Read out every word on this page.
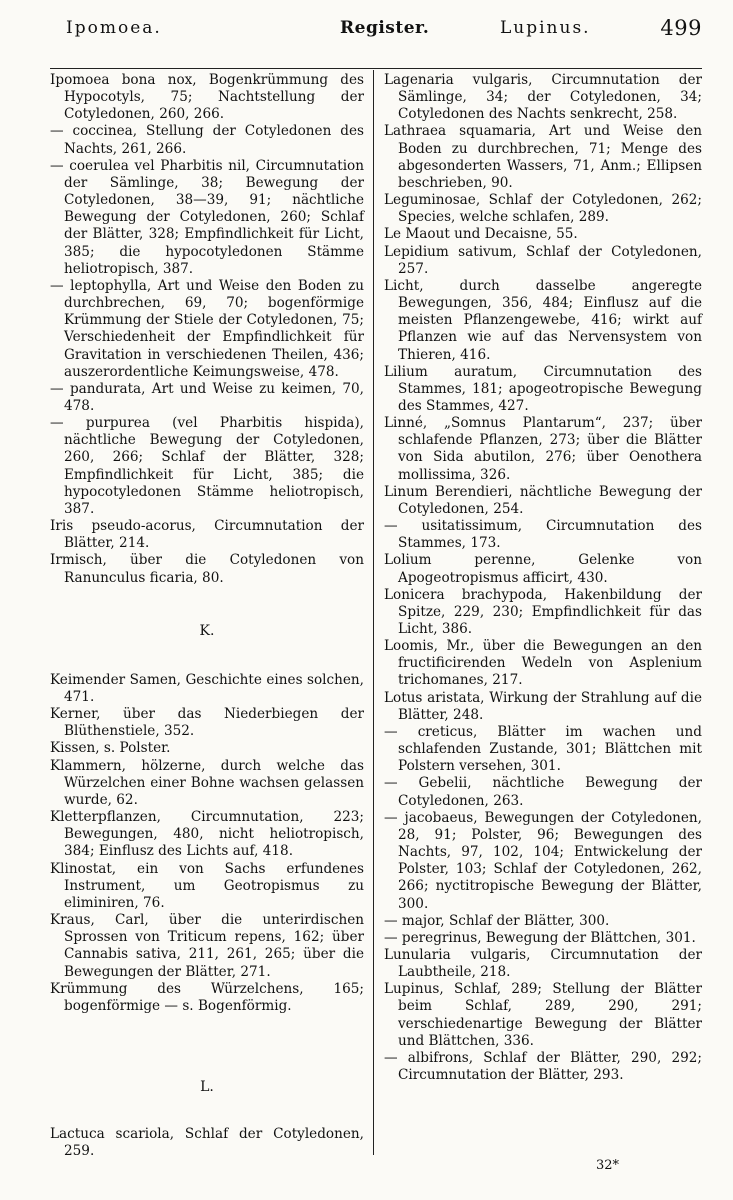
Ipomoea.	Register.	Lupinus.	499
Ipomoea bona nox, Bogenkrümmung des Hypocotyls, 75; Nachtstellung der Cotyledonen, 260, 266.
— coccinea, Stellung der Cotyledonen des Nachts, 261, 266.
— coerulea vel Pharbitis nil, Circumnutation der Sämlinge, 38; Bewegung der Cotyledonen, 38—39, 91; nächtliche Bewegung der Cotyledonen, 260; Schlaf der Blätter, 328; Empfindlichkeit für Licht, 385; die hypocotyledonen Stämme heliotropisch, 387.
— leptophylla, Art und Weise den Boden zu durchbrechen, 69, 70; bogenförmige Krümmung der Stiele der Cotyledonen, 75; Verschiedenheit der Empfindlichkeit für Gravitation in verschiedenen Theilen, 436; auszerordentliche Keimungsweise, 478.
— pandurata, Art und Weise zu keimen, 70, 478.
— purpurea (vel Pharbitis hispida), nächtliche Bewegung der Cotyledonen, 260, 266; Schlaf der Blätter, 328; Empfindlichkeit für Licht, 385; die hypocotyledonen Stämme heliotropisch, 387.
Iris pseudo-acorus, Circumnutation der Blätter, 214.
Irmisch, über die Cotyledonen von Ranunculus ficaria, 80.
K.
Keimender Samen, Geschichte eines solchen, 471.
Kerner, über das Niederbiegen der Blüthenstiele, 352.
Kissen, s. Polster.
Klammern, hölzerne, durch welche das Würzelchen einer Bohne wachsen gelassen wurde, 62.
Kletterpflanzen, Circumnutation, 223; Bewegungen, 480, nicht heliotropisch, 384; Einflusz des Lichts auf, 418.
Klinostat, ein von Sachs erfundenes Instrument, um Geotropismus zu eliminiren, 76.
Kraus, Carl, über die unterirdischen Sprossen von Triticum repens, 162; über Cannabis sativa, 211, 261, 265; über die Bewegungen der Blätter, 271.
Krümmung des Würzelchens, 165; bogenförmige — s. Bogenförmig.
L.
Lactuca scariola, Schlaf der Cotyledonen, 259.
Lagenaria vulgaris, Circumnutation der Sämlinge, 34; der Cotyledonen, 34; Cotyledonen des Nachts senkrecht, 258.
Lathraea squamaria, Art und Weise den Boden zu durchbrechen, 71; Menge des abgesonderten Wassers, 71, Anm.; Ellipsen beschrieben, 90.
Leguminosae, Schlaf der Cotyledonen, 262; Species, welche schlafen, 289.
Le Maout und Decaisne, 55.
Lepidium sativum, Schlaf der Cotyledonen, 257.
Licht, durch dasselbe angeregte Bewegungen, 356, 484; Einflusz auf die meisten Pflanzengewebe, 416; wirkt auf Pflanzen wie auf das Nervensystem von Thieren, 416.
Lilium auratum, Circumnutation des Stammes, 181; apogeotropische Bewegung des Stammes, 427.
Linné, „Somnus Plantarum“, 237; über schlafende Pflanzen, 273; über die Blätter von Sida abutilon, 276; über Oenothera mollissima, 326.
Linum Berendieri, nächtliche Bewegung der Cotyledonen, 254.
— usitatissimum, Circumnutation des Stammes, 173.
Lolium perenne, Gelenke von Apogeotropismus afficirt, 430.
Lonicera brachypoda, Hakenbildung der Spitze, 229, 230; Empfindlichkeit für das Licht, 386.
Loomis, Mr., über die Bewegungen an den fructificirenden Wedeln von Asplenium trichomanes, 217.
Lotus aristata, Wirkung der Strahlung auf die Blätter, 248.
— creticus, Blätter im wachen und schlafenden Zustande, 301; Blättchen mit Polstern versehen, 301.
— Gebelii, nächtliche Bewegung der Cotyledonen, 263.
— jacobaeus, Bewegungen der Cotyledonen, 28, 91; Polster, 96; Bewegungen des Nachts, 97, 102, 104; Entwickelung der Polster, 103; Schlaf der Cotyledonen, 262, 266; nyctitropische Bewegung der Blätter, 300.
— major, Schlaf der Blätter, 300.
— peregrinus, Bewegung der Blättchen, 301.
Lunularia vulgaris, Circumnutation der Laubtheile, 218.
Lupinus, Schlaf, 289; Stellung der Blätter beim Schlaf, 289, 290, 291; verschiedenartige Bewegung der Blätter und Blättchen, 336.
— albifrons, Schlaf der Blätter, 290, 292; Circumnutation der Blätter, 293.
32*
